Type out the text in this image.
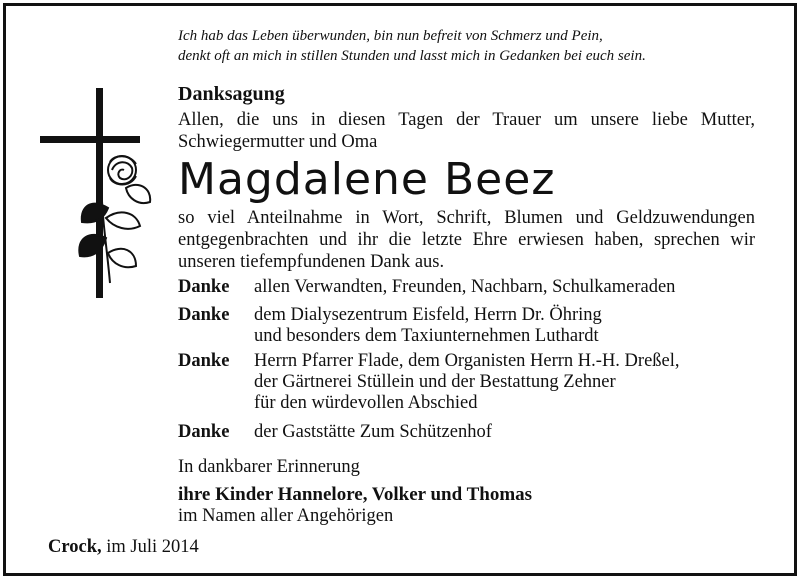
Ich hab das Leben überwunden, bin nun befreit von Schmerz und Pein,
denkt oft an mich in stillen Stunden und lasst mich in Gedanken bei euch sein.
Danksagung
Allen, die uns in diesen Tagen der Trauer um unsere liebe Mutter, Schwiegermutter und Oma
Magdalene Beez
so viel Anteilnahme in Wort, Schrift, Blumen und Geldzuwendungen entgegenbrachten und ihr die letzte Ehre erwiesen haben, sprechen wir unseren tiefempfundenen Dank aus.
Danke allen Verwandten, Freunden, Nachbarn, Schulkameraden
Danke dem Dialysezentrum Eisfeld, Herrn Dr. Öhring
und besonders dem Taxiunternehmen Luthardt
Danke Herrn Pfarrer Flade, dem Organisten Herrn H.-H. Dreßel,
der Gärtnerei Stüllein und der Bestattung Zehner
für den würdevollen Abschied
Danke der Gaststätte Zum Schützenhof
In dankbarer Erinnerung
ihre Kinder Hannelore, Volker und Thomas
im Namen aller Angehörigen
Crock, im Juli 2014
